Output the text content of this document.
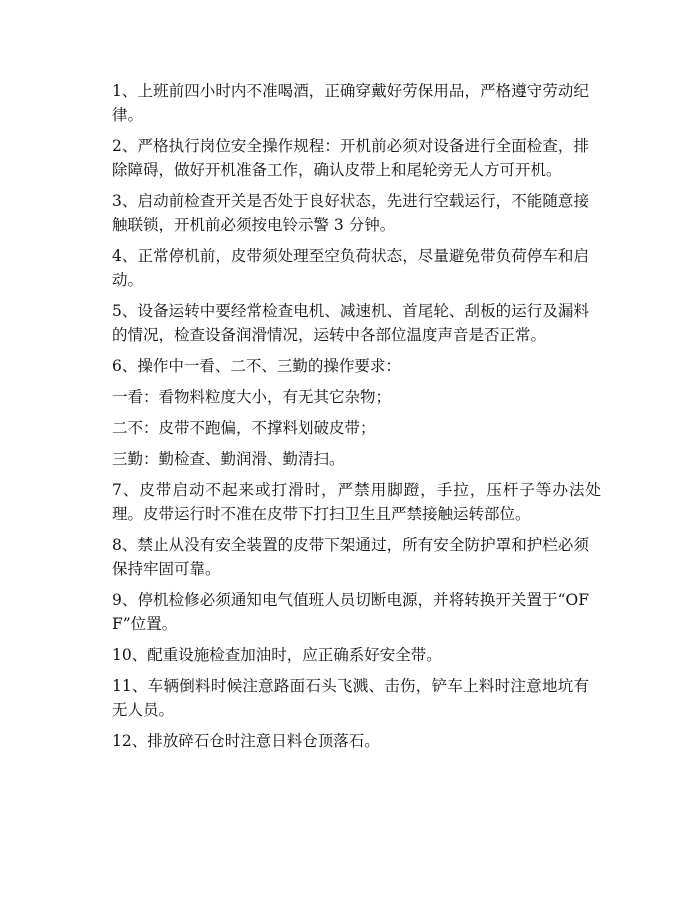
1、上班前四小时内不准喝酒，正确穿戴好劳保用品，严格遵守劳动纪律。

2、严格执行岗位安全操作规程：开机前必须对设备进行全面检查，排除障碍，做好开机准备工作，确认皮带上和尾轮旁无人方可开机。

3、启动前检查开关是否处于良好状态，先进行空载运行，不能随意接触联锁，开机前必须按电铃示警 3 分钟。

4、正常停机前，皮带须处理至空负荷状态，尽量避免带负荷停车和启动。

5、设备运转中要经常检查电机、减速机、首尾轮、刮板的运行及漏料的情况，检查设备润滑情况，运转中各部位温度声音是否正常。

6、操作中一看、二不、三勤的操作要求：

一看：看物料粒度大小，有无其它杂物；

二不：皮带不跑偏，不撑料划破皮带；

三勤：勤检查、勤润滑、勤清扫。

7、皮带启动不起来或打滑时，严禁用脚蹬，手拉，压杆子等办法处理。皮带运行时不准在皮带下打扫卫生且严禁接触运转部位。

8、禁止从没有安全装置的皮带下架通过，所有安全防护罩和护栏必须保持牢固可靠。

9、停机检修必须通知电气值班人员切断电源，并将转换开关置于“OFF”位置。

10、配重设施检查加油时，应正确系好安全带。

11、车辆倒料时候注意路面石头飞溅、击伤，铲车上料时注意地坑有无人员。

12、排放碎石仓时注意日料仓顶落石。
